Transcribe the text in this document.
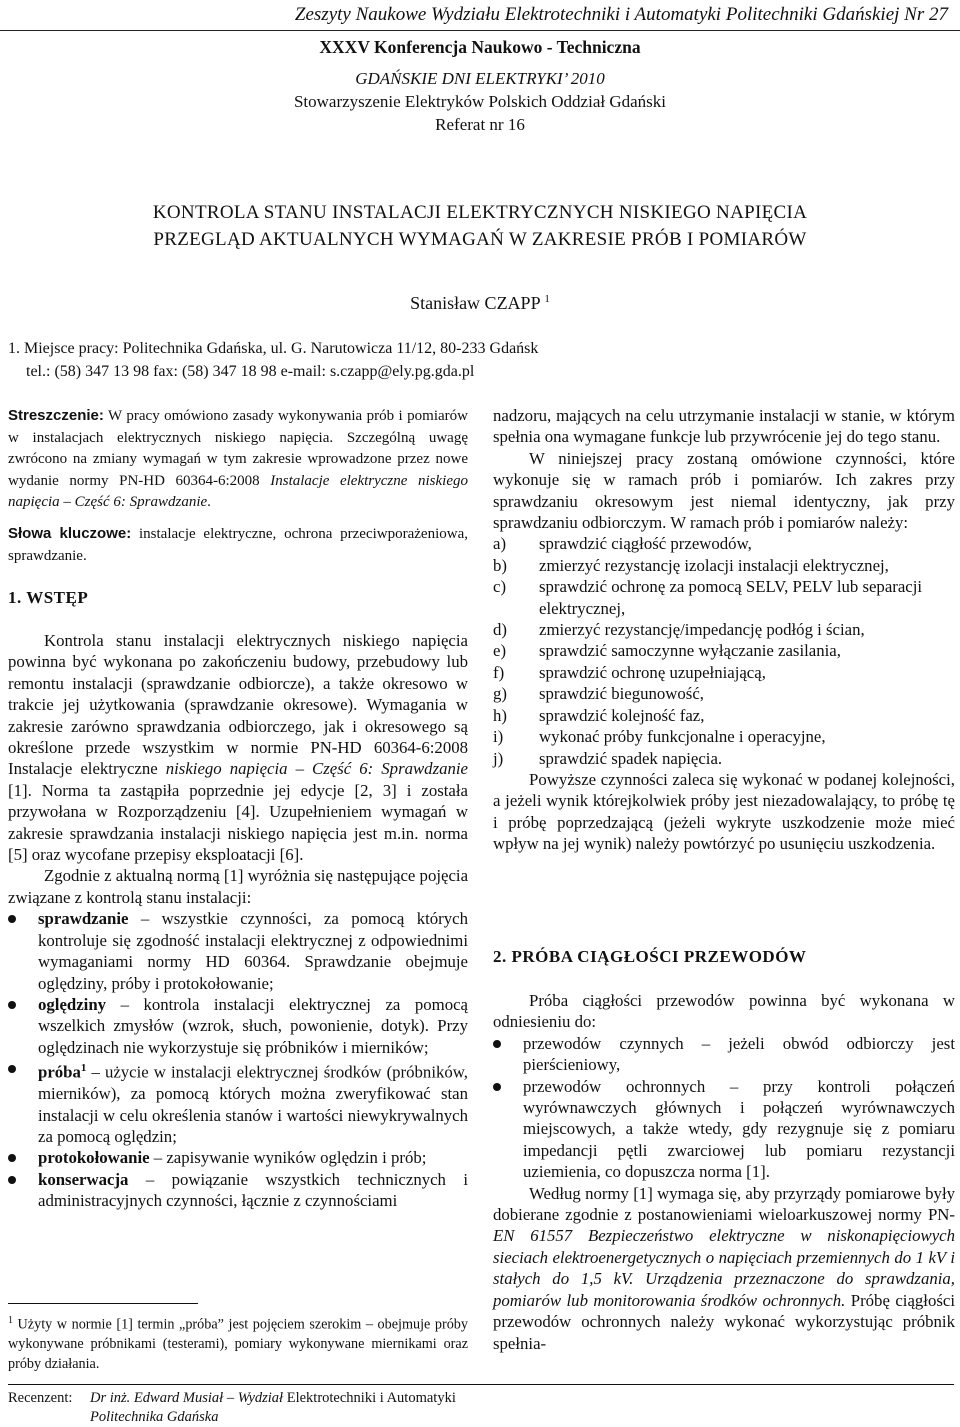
Zeszyty Naukowe Wydziału Elektrotechniki i Automatyki Politechniki Gdańskiej Nr 27
XXXV Konferencja Naukowo - Techniczna
GDAŃSKIE DNI ELEKTRYKI’ 2010
Stowarzyszenie Elektryków Polskich Oddział Gdański
Referat nr 16
KONTROLA STANU INSTALACJI ELEKTRYCZNYCH NISKIEGO NAPIĘCIA
PRZEGLĄD AKTUALNYCH WYMAGAŃ W ZAKRESIE PRÓB I POMIARÓW
Stanisław CZAPP $^1$
1. Miejsce pracy: Politechnika Gdańska, ul. G. Narutowicza 11/12, 80-233 Gdańsk
tel.: (58) 347 13 98 fax: (58) 347 18 98 e-mail: s.czapp@ely.pg.gda.pl
Streszczenie: W pracy omówiono zasady wykonywania prób i pomiarów w instalacjach elektrycznych niskiego napięcia. Szczególną uwagę zwrócono na zmiany wymagań w tym zakresie wprowadzone przez nowe wydanie normy PN-HD 60364-6:2008 Instalacje elektryczne niskiego napięcia – Część 6: Sprawdzanie.
Słowa kluczowe: instalacje elektryczne, ochrona przeciwporażeniowa, sprawdzanie.
1. WSTĘP

Kontrola stanu instalacji elektrycznych niskiego napięcia powinna być wykonana po zakończeniu budowy, przebudowy lub remontu instalacji (sprawdzanie odbiorcze), a także okresowo w trakcie jej użytkowania (sprawdzanie okresowe). Wymagania w zakresie zarówno sprawdzania odbiorczego, jak i okresowego są określone przede wszystkim w normie PN-HD 60364-6:2008 Instalacje elektryczne niskiego napięcia – Część 6: Sprawdzanie [1]. Norma ta zastąpiła poprzednie jej edycje [2, 3] i została przywołana w Rozporządzeniu [4]. Uzupełnieniem wymagań w zakresie sprawdzania instalacji niskiego napięcia jest m.in. norma [5] oraz wycofane przepisy eksploatacji [6].

Zgodnie z aktualną normą [1] wyróżnia się następujące pojęcia związane z kontrolą stanu instalacji:

sprawdzanie – wszystkie czynności, za pomocą których kontroluje się zgodność instalacji elektrycznej z odpowiednimi wymaganiami normy HD 60364. Sprawdzanie obejmuje oględziny, próby i protokołowanie;
oględziny – kontrola instalacji elektrycznej za pomocą wszelkich zmysłów (wzrok, słuch, powonienie, dotyk). Przy oględzinach nie wykorzystuje się próbników i mierników;
próba$^1$ – użycie w instalacji elektrycznej środków (próbników, mierników), za pomocą których można zweryfikować stan instalacji w celu określenia stanów i wartości niewykrywalnych za pomocą oględzin;
protokołowanie – zapisywanie wyników oględzin i prób;
konserwacja – powiązanie wszystkich technicznych i administracyjnych czynności, łącznie z czynnościami
$^1$ Użyty w normie [1] termin „próba” jest pojęciem szerokim – obejmuje próby wykonywane próbnikami (testerami), pomiary wykonywane miernikami oraz próby działania.

nadzoru, mających na celu utrzymanie instalacji w stanie, w którym spełnia ona wymagane funkcje lub przywrócenie jej do tego stanu.

W niniejszej pracy zostaną omówione czynności, które wykonuje się w ramach prób i pomiarów. Ich zakres przy sprawdzaniu okresowym jest niemal identyczny, jak przy sprawdzaniu odbiorczym. W ramach prób i pomiarów należy:

a) sprawdzić ciągłość przewodów,
b) zmierzyć rezystancję izolacji instalacji elektrycznej,
c) sprawdzić ochronę za pomocą SELV, PELV lub separacji elektrycznej,
d) zmierzyć rezystancję/impedancję podłóg i ścian,
e) sprawdzić samoczynne wyłączanie zasilania,
f) sprawdzić ochronę uzupełniającą,
g) sprawdzić biegunowość,
h) sprawdzić kolejność faz,
i) wykonać próby funkcjonalne i operacyjne,
j) sprawdzić spadek napięcia.

Powyższe czynności zaleca się wykonać w podanej kolejności, a jeżeli wynik którejkolwiek próby jest niezadowalający, to próbę tę i próbę poprzedzającą (jeżeli wykryte uszkodzenie może mieć wpływ na jej wynik) należy powtórzyć po usunięciu uszkodzenia.

2. PRÓBA CIĄGŁOŚCI PRZEWODÓW

Próba ciągłości przewodów powinna być wykonana w odniesieniu do:

przewodów czynnych – jeżeli obwód odbiorczy jest pierścieniowy,
przewodów ochronnych – przy kontroli połączeń wyrównawczych głównych i połączeń wyrównawczych miejscowych, a także wtedy, gdy rezygnuje się z pomiaru impedancji pętli zwarciowej lub pomiaru rezystancji uziemienia, co dopuszcza norma [1].

Według normy [1] wymaga się, aby przyrządy pomiarowe były dobierane zgodnie z postanowieniami wieloarkuszowej normy PN-EN 61557 Bezpieczeństwo elektryczne w niskonapięciowych sieciach elektroenergetycznych o napięciach przemiennych do 1 kV i stałych do 1,5 kV. Urządzenia przeznaczone do sprawdzania, pomiarów lub monitorowania środków ochronnych. Próbę ciągłości przewodów ochronnych należy wykonać wykorzystując próbnik spełnia-

Recenzent: Dr inż. Edward Musiał – Wydział Elektrotechniki i Automatyki
Politechnika Gdańska
